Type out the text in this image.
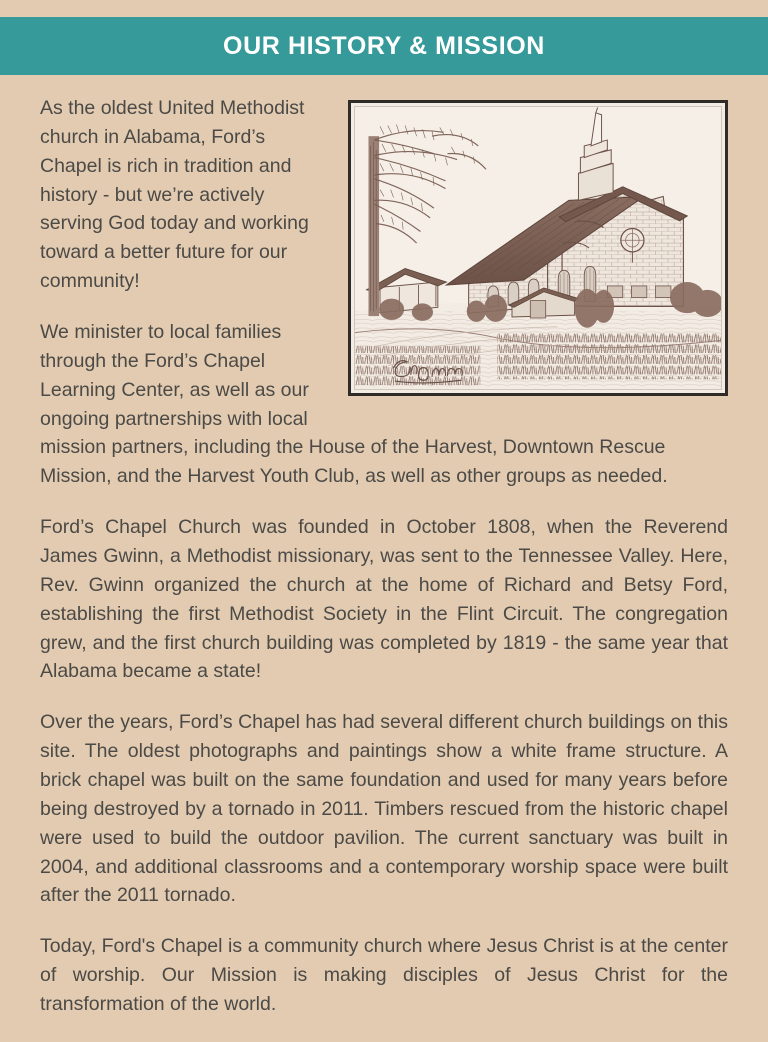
OUR HISTORY & MISSION

As the oldest United Methodist church in Alabama, Ford’s Chapel is rich in tradition and history - but we’re actively serving God today and working toward a better future for our community!

We minister to local families through the Ford’s Chapel Learning Center, as well as our ongoing partnerships with local mission partners, including the House of the Harvest, Downtown Rescue Mission, and the Harvest Youth Club, as well as other groups as needed.

Ford’s Chapel Church was founded in October 1808, when the Reverend James Gwinn, a Methodist missionary, was sent to the Tennessee Valley. Here, Rev. Gwinn organized the church at the home of Richard and Betsy Ford, establishing the first Methodist Society in the Flint Circuit. The congregation grew, and the first church building was completed by 1819 - the same year that Alabama became a state!

Over the years, Ford’s Chapel has had several different church buildings on this site. The oldest photographs and paintings show a white frame structure. A brick chapel was built on the same foundation and used for many years before being destroyed by a tornado in 2011. Timbers rescued from the historic chapel were used to build the outdoor pavilion. The current sanctuary was built in 2004, and additional classrooms and a contemporary worship space were built after the 2011 tornado.

Today, Ford's Chapel is a community church where Jesus Christ is at the center of worship. Our Mission is making disciples of Jesus Christ for the transformation of the world.
